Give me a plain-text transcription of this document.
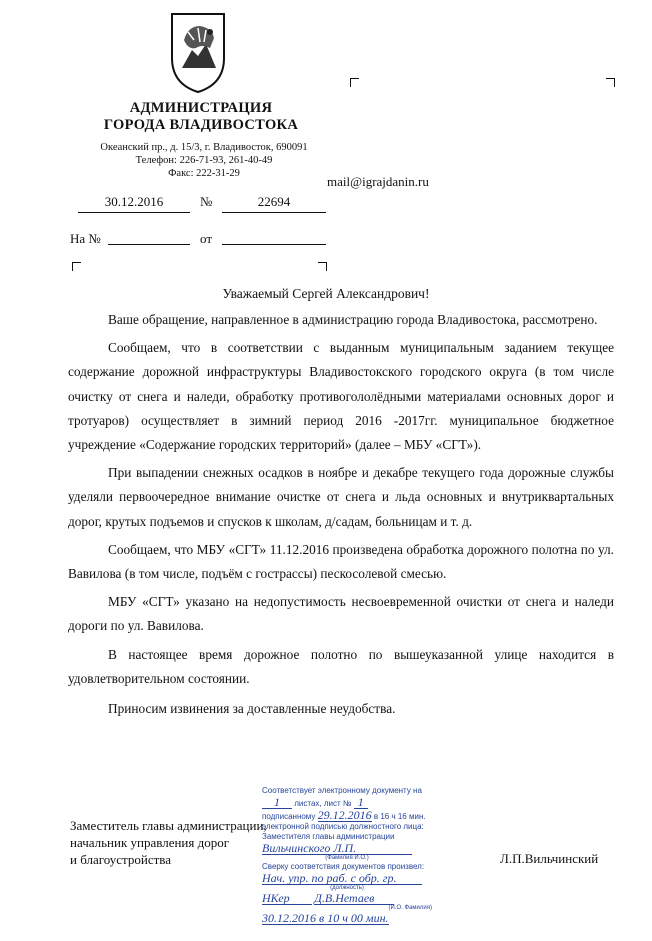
АДМИНИСТРАЦИЯ
ГОРОДА ВЛАДИВОСТОКА
Океанский пр., д. 15/3, г. Владивосток, 690091
Телефон: 226-71-93, 261-40-49
Факс: 222-31-29
mail@igrajdanin.ru
30.12.2016	№	22694
На №	от
Уважаемый Сергей Александрович!

Ваше обращение, направленное в администрацию города Владивостока, рассмотрено.

Сообщаем, что в соответствии с выданным муниципальным заданием текущее содержание дорожной инфраструктуры Владивостокского городского округа (в том числе очистку от снега и наледи, обработку противогололёдными материалами основных дорог и тротуаров) осуществляет в зимний период 2016 -2017гг. муниципальное бюджетное учреждение «Содержание городских территорий» (далее – МБУ «СГТ»).

При выпадении снежных осадков в ноябре и декабре текущего года дорожные службы уделяли первоочередное внимание очистке от снега и льда основных и внутриквартальных дорог, крутых подъемов и спусков к школам, д/садам, больницам и т. д.

Сообщаем, что МБУ «СГТ» 11.12.2016 произведена обработка дорожного полотна по ул. Вавилова (в том числе, подъём с гострассы) пескосолевой смесью.

МБУ «СГТ» указано на недопустимость несвоевременной очистки от снега и наледи дороги по ул. Вавилова.

В настоящее время дорожное полотно по вышеуказанной улице находится в удовлетворительном состоянии.

Приносим извинения за доставленные неудобства.

Заместитель главы администрации,
начальник управления дорог
и благоустройства	Л.П.Вильчинский
Соответствует электронному документу на
1 листах, лист № 1
подписанному 29.12.2016 в 16 ч 16 мин.
электронной подписью должностного лица:
Заместителя главы администрации
Вильчинского Л.П.
(Фамилия И.О.)
Сверку соответствия документов произвел:
Нач. упр. по раб. с обр. гр.
(должность)
НКер Д.В.Нетаев
(И.О. Фамилия)
30.12.2016 в 10 ч 00 мин.
